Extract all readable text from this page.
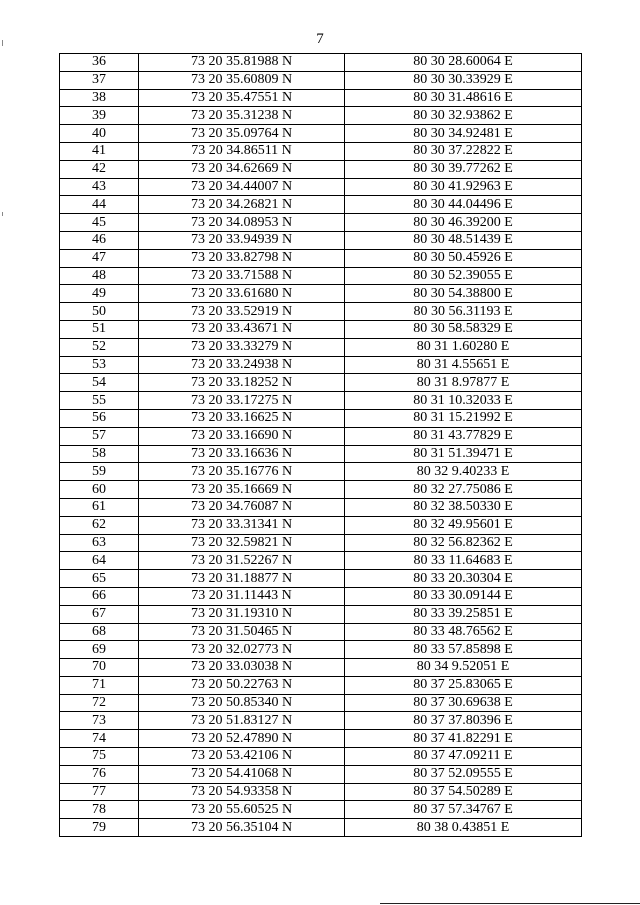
7
36	73 20 35.81988 N	80 30 28.60064 E
37	73 20 35.60809 N	80 30 30.33929 E
38	73 20 35.47551 N	80 30 31.48616 E
39	73 20 35.31238 N	80 30 32.93862 E
40	73 20 35.09764 N	80 30 34.92481 E
41	73 20 34.86511 N	80 30 37.22822 E
42	73 20 34.62669 N	80 30 39.77262 E
43	73 20 34.44007 N	80 30 41.92963 E
44	73 20 34.26821 N	80 30 44.04496 E
45	73 20 34.08953 N	80 30 46.39200 E
46	73 20 33.94939 N	80 30 48.51439 E
47	73 20 33.82798 N	80 30 50.45926 E
48	73 20 33.71588 N	80 30 52.39055 E
49	73 20 33.61680 N	80 30 54.38800 E
50	73 20 33.52919 N	80 30 56.31193 E
51	73 20 33.43671 N	80 30 58.58329 E
52	73 20 33.33279 N	80 31 1.60280 E
53	73 20 33.24938 N	80 31 4.55651 E
54	73 20 33.18252 N	80 31 8.97877 E
55	73 20 33.17275 N	80 31 10.32033 E
56	73 20 33.16625 N	80 31 15.21992 E
57	73 20 33.16690 N	80 31 43.77829 E
58	73 20 33.16636 N	80 31 51.39471 E
59	73 20 35.16776 N	80 32 9.40233 E
60	73 20 35.16669 N	80 32 27.75086 E
61	73 20 34.76087 N	80 32 38.50330 E
62	73 20 33.31341 N	80 32 49.95601 E
63	73 20 32.59821 N	80 32 56.82362 E
64	73 20 31.52267 N	80 33 11.64683 E
65	73 20 31.18877 N	80 33 20.30304 E
66	73 20 31.11443 N	80 33 30.09144 E
67	73 20 31.19310 N	80 33 39.25851 E
68	73 20 31.50465 N	80 33 48.76562 E
69	73 20 32.02773 N	80 33 57.85898 E
70	73 20 33.03038 N	80 34 9.52051 E
71	73 20 50.22763 N	80 37 25.83065 E
72	73 20 50.85340 N	80 37 30.69638 E
73	73 20 51.83127 N	80 37 37.80396 E
74	73 20 52.47890 N	80 37 41.82291 E
75	73 20 53.42106 N	80 37 47.09211 E
76	73 20 54.41068 N	80 37 52.09555 E
77	73 20 54.93358 N	80 37 54.50289 E
78	73 20 55.60525 N	80 37 57.34767 E
79	73 20 56.35104 N	80 38 0.43851 E
